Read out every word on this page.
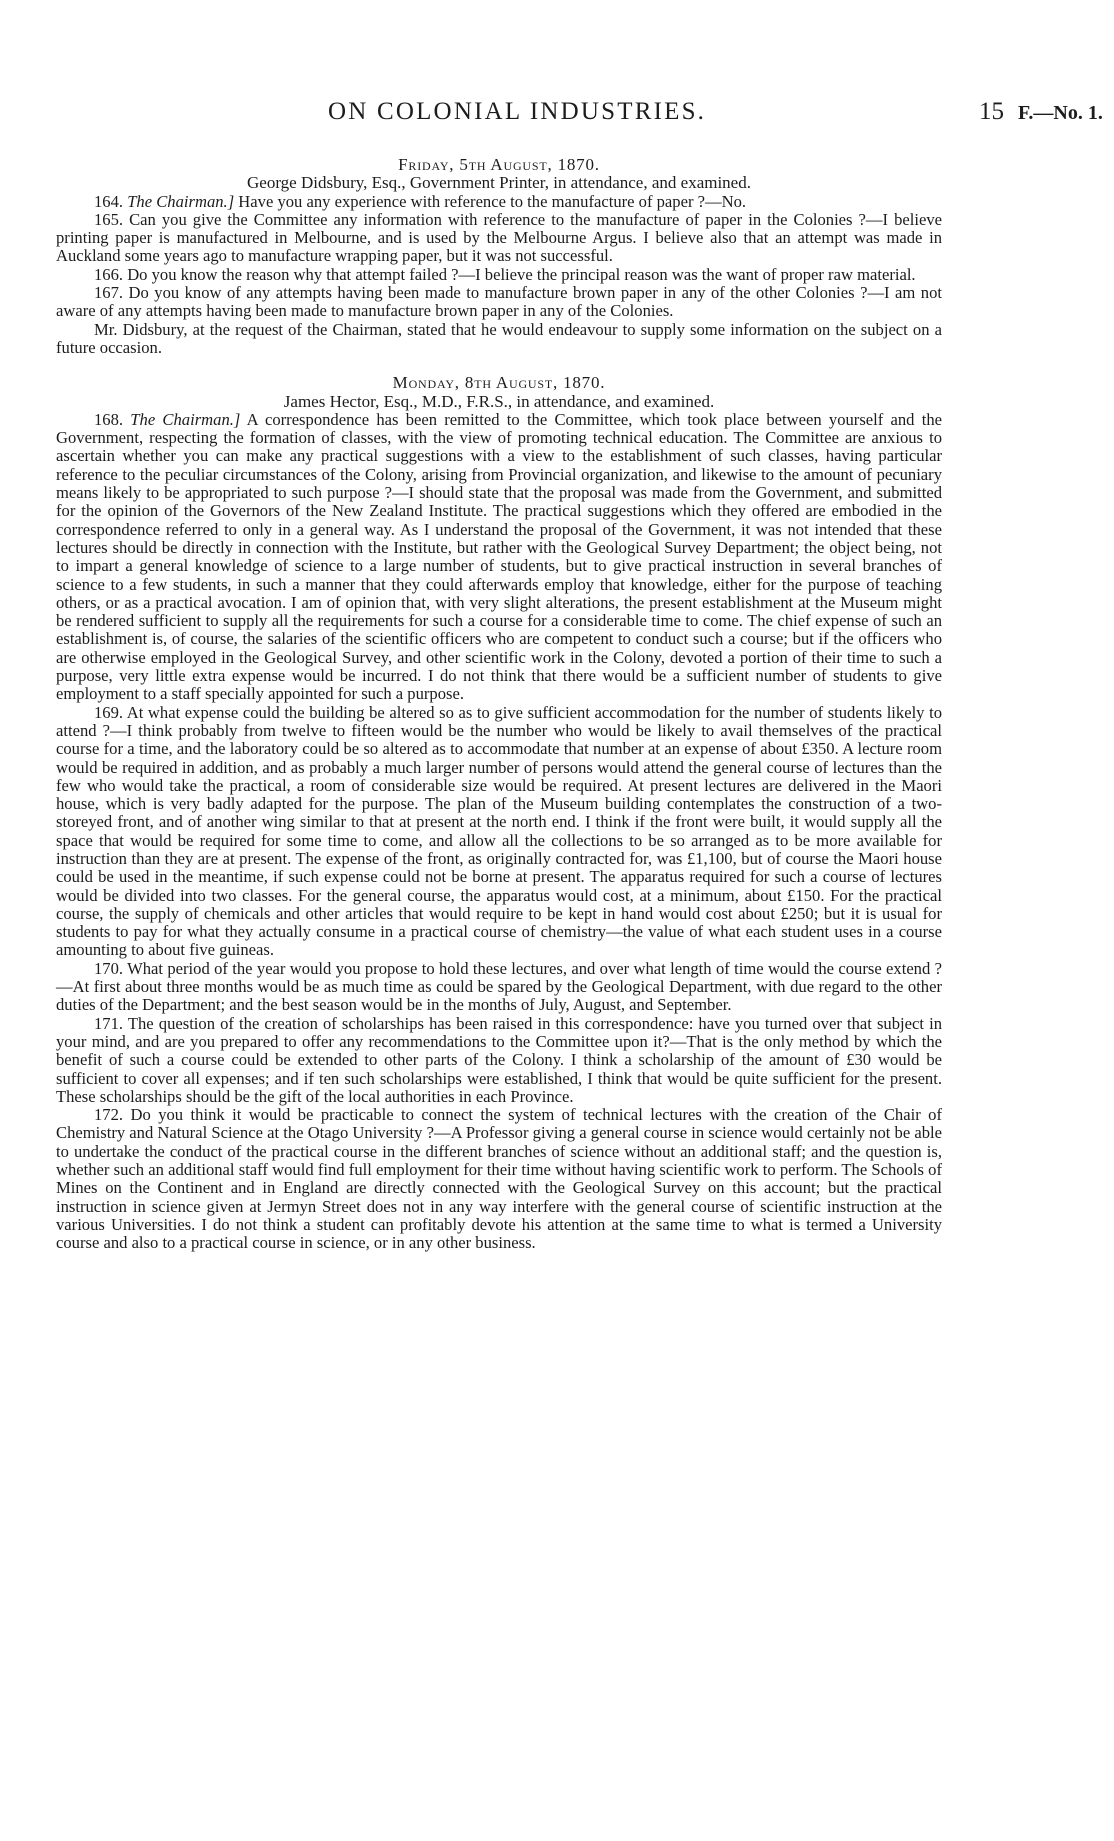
ON COLONIAL INDUSTRIES.	15 F.—No. 1.

Friday, 5th August, 1870.

George Didsbury, Esq., Government Printer, in attendance, and examined.

164. The Chairman.] Have you any experience with reference to the manufacture of paper ?—No.

165. Can you give the Committee any information with reference to the manufacture of paper in the Colonies ?—I believe printing paper is manufactured in Melbourne, and is used by the Melbourne Argus. I believe also that an attempt was made in Auckland some years ago to manufacture wrapping paper, but it was not successful.

166. Do you know the reason why that attempt failed ?—I believe the principal reason was the want of proper raw material.

167. Do you know of any attempts having been made to manufacture brown paper in any of the other Colonies ?—I am not aware of any attempts having been made to manufacture brown paper in any of the Colonies.

Mr. Didsbury, at the request of the Chairman, stated that he would endeavour to supply some information on the subject on a future occasion.

Monday, 8th August, 1870.

James Hector, Esq., M.D., F.R.S., in attendance, and examined.

168. The Chairman.] A correspondence has been remitted to the Committee, which took place between yourself and the Government, respecting the formation of classes, with the view of promoting technical education. The Committee are anxious to ascertain whether you can make any practical suggestions with a view to the establishment of such classes, having particular reference to the peculiar circumstances of the Colony, arising from Provincial organization, and likewise to the amount of pecuniary means likely to be appropriated to such purpose ?—I should state that the proposal was made from the Government, and submitted for the opinion of the Governors of the New Zealand Institute. The practical suggestions which they offered are embodied in the correspondence referred to only in a general way. As I understand the proposal of the Government, it was not intended that these lectures should be directly in connection with the Institute, but rather with the Geological Survey Department; the object being, not to impart a general knowledge of science to a large number of students, but to give practical instruction in several branches of science to a few students, in such a manner that they could afterwards employ that knowledge, either for the purpose of teaching others, or as a practical avocation. I am of opinion that, with very slight alterations, the present establishment at the Museum might be rendered sufficient to supply all the requirements for such a course for a considerable time to come. The chief expense of such an establishment is, of course, the salaries of the scientific officers who are competent to conduct such a course; but if the officers who are otherwise employed in the Geological Survey, and other scientific work in the Colony, devoted a portion of their time to such a purpose, very little extra expense would be incurred. I do not think that there would be a sufficient number of students to give employment to a staff specially appointed for such a purpose.

169. At what expense could the building be altered so as to give sufficient accommodation for the number of students likely to attend ?—I think probably from twelve to fifteen would be the number who would be likely to avail themselves of the practical course for a time, and the laboratory could be so altered as to accommodate that number at an expense of about £350. A lecture room would be required in addition, and as probably a much larger number of persons would attend the general course of lectures than the few who would take the practical, a room of considerable size would be required. At present lectures are delivered in the Maori house, which is very badly adapted for the purpose. The plan of the Museum building contemplates the construction of a two-storeyed front, and of another wing similar to that at present at the north end. I think if the front were built, it would supply all the space that would be required for some time to come, and allow all the collections to be so arranged as to be more available for instruction than they are at present. The expense of the front, as originally contracted for, was £1,100, but of course the Maori house could be used in the meantime, if such expense could not be borne at present. The apparatus required for such a course of lectures would be divided into two classes. For the general course, the apparatus would cost, at a minimum, about £150. For the practical course, the supply of chemicals and other articles that would require to be kept in hand would cost about £250; but it is usual for students to pay for what they actually consume in a practical course of chemistry—the value of what each student uses in a course amounting to about five guineas.

170. What period of the year would you propose to hold these lectures, and over what length of time would the course extend ?—At first about three months would be as much time as could be spared by the Geological Department, with due regard to the other duties of the Department; and the best season would be in the months of July, August, and September.

171. The question of the creation of scholarships has been raised in this correspondence: have you turned over that subject in your mind, and are you prepared to offer any recommendations to the Committee upon it?—That is the only method by which the benefit of such a course could be extended to other parts of the Colony. I think a scholarship of the amount of £30 would be sufficient to cover all expenses; and if ten such scholarships were established, I think that would be quite sufficient for the present. These scholarships should be the gift of the local authorities in each Province.

172. Do you think it would be practicable to connect the system of technical lectures with the creation of the Chair of Chemistry and Natural Science at the Otago University ?—A Professor giving a general course in science would certainly not be able to undertake the conduct of the practical course in the different branches of science without an additional staff; and the question is, whether such an additional staff would find full employment for their time without having scientific work to perform. The Schools of Mines on the Continent and in England are directly connected with the Geological Survey on this account; but the practical instruction in science given at Jermyn Street does not in any way interfere with the general course of scientific instruction at the various Universities. I do not think a student can profitably devote his attention at the same time to what is termed a University course and also to a practical course in science, or in any other business.
